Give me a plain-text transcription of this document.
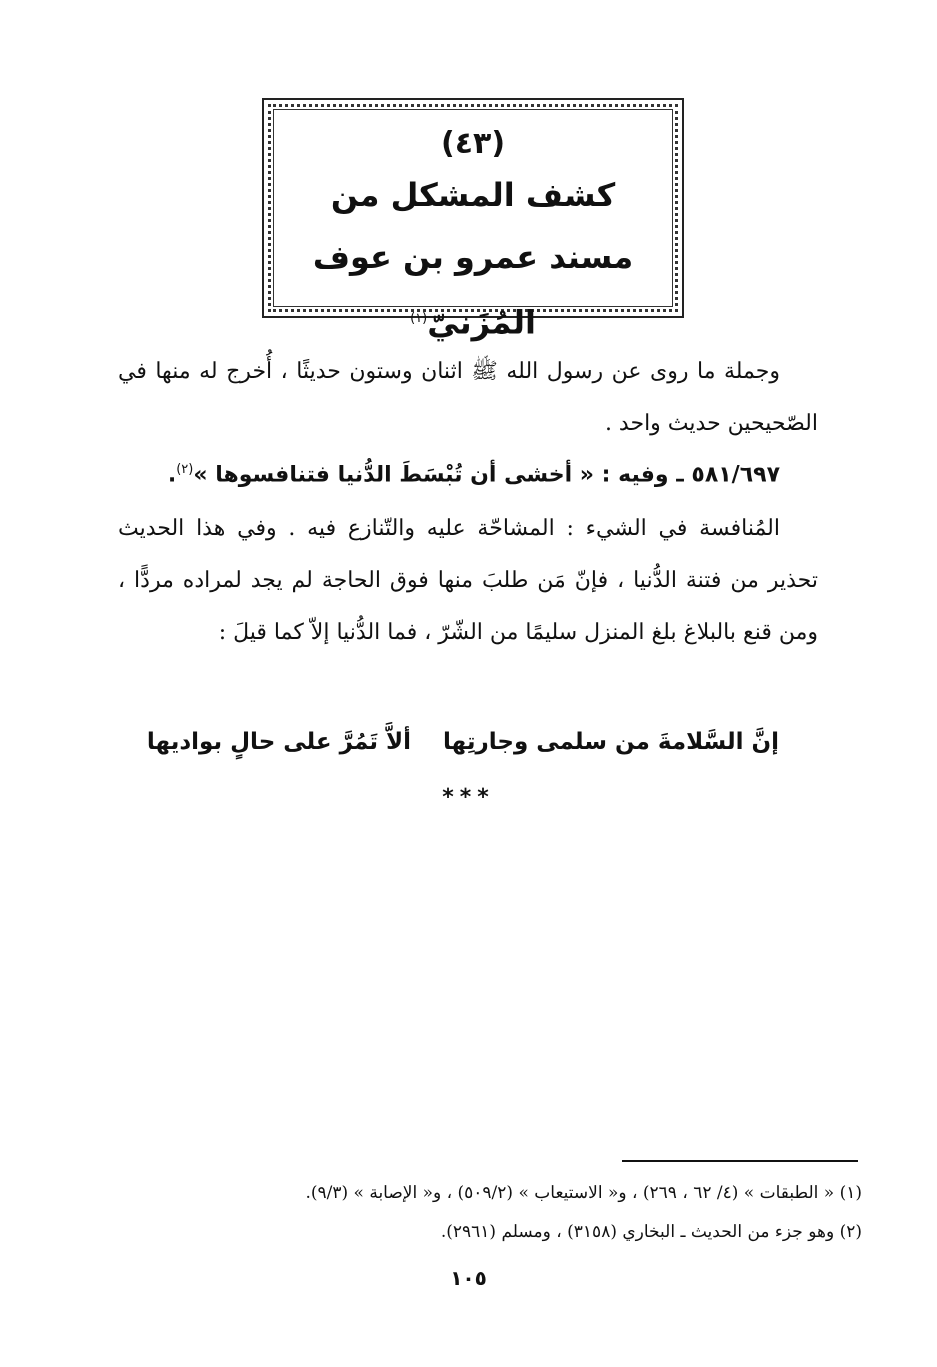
(٤٣)
كشف المشكل من
مسند عمرو بن عوف المُزَنيّ$^{(١)}$
وجملة ما روى عن رسول الله ﷺ اثنان وستون حديثًا ، أُخرج له منها في الصّحيحين حديث واحد .
٥٨١/٦٩٧ ـ وفيه : « أخشى أن تُبْسَطَ الدُّنيا فتنافسوها »$^{(٢)}$.
المُنافسة في الشيء : المشاحّة عليه والتّنازع فيه . وفي هذا الحديث تحذير من فتنة الدُّنيا ، فإنّ مَن طلبَ منها فوق الحاجة لم يجد لمراده مردًّا ، ومن قنع بالبلاغ بلغ المنزل سليمًا من الشّرّ ، فما الدُّنيا إلاّ كما قيلَ :
إنَّ السَّلامةَ من سلمى وجارتِهاألاَّ تَمُرَّ على حالٍ بواديها
***
(١) « الطبقات » (٤/ ٦٢ ، ٢٦٩) ، و« الاستيعاب » (٥٠٩/٢) ، و« الإصابة » (٩/٣).
(٢) وهو جزء من الحديث ـ البخاري (٣١٥٨) ، ومسلم (٢٩٦١).
١٠٥
